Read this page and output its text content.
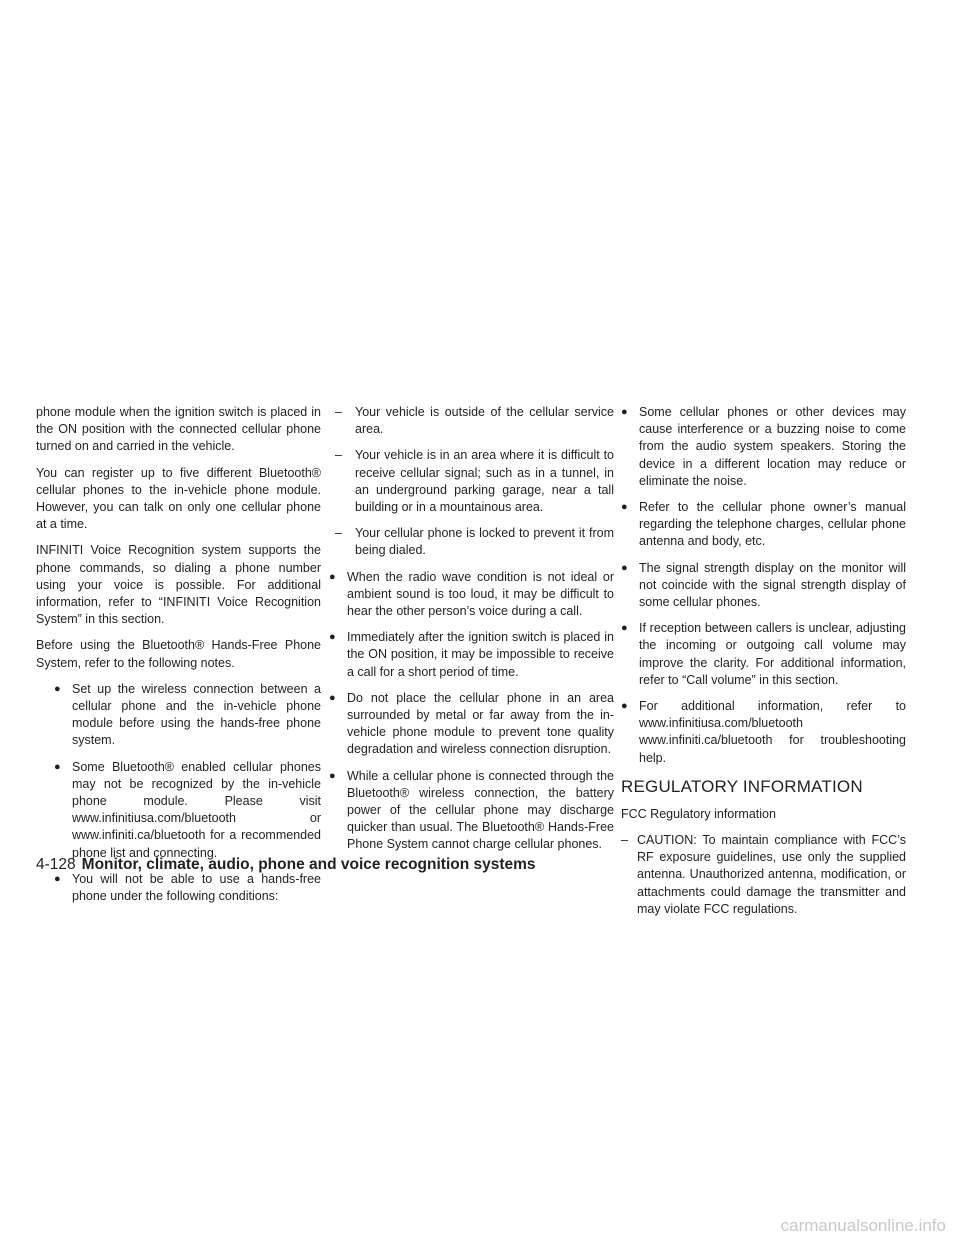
phone module when the ignition switch is placed in the ON position with the connected cellular phone turned on and carried in the vehicle.

You can register up to five different Bluetooth® cellular phones to the in-vehicle phone module. However, you can talk on only one cellular phone at a time.

INFINITI Voice Recognition system supports the phone commands, so dialing a phone number using your voice is possible. For additional information, refer to “INFINITI Voice Recognition System” in this section.

Before using the Bluetooth® Hands-Free Phone System, refer to the following notes.

● Set up the wireless connection between a cellular phone and the in-vehicle phone module before using the hands-free phone system.
● Some Bluetooth® enabled cellular phones may not be recognized by the in-vehicle phone module. Please visit www.infinitiusa.com/bluetooth or www.infiniti.ca/bluetooth for a recommended phone list and connecting.
● You will not be able to use a hands-free phone under the following conditions:
– Your vehicle is outside of the cellular service area.
– Your vehicle is in an area where it is difficult to receive cellular signal; such as in a tunnel, in an underground parking garage, near a tall building or in a mountainous area.
– Your cellular phone is locked to prevent it from being dialed.
● When the radio wave condition is not ideal or ambient sound is too loud, it may be difficult to hear the other person’s voice during a call.
● Immediately after the ignition switch is placed in the ON position, it may be impossible to receive a call for a short period of time.
● Do not place the cellular phone in an area surrounded by metal or far away from the in-vehicle phone module to prevent tone quality degradation and wireless connection disruption.
● While a cellular phone is connected through the Bluetooth® wireless connection, the battery power of the cellular phone may discharge quicker than usual. The Bluetooth® Hands-Free Phone System cannot charge cellular phones.
● Some cellular phones or other devices may cause interference or a buzzing noise to come from the audio system speakers. Storing the device in a different location may reduce or eliminate the noise.
● Refer to the cellular phone owner’s manual regarding the telephone charges, cellular phone antenna and body, etc.
● The signal strength display on the monitor will not coincide with the signal strength display of some cellular phones.
● If reception between callers is unclear, adjusting the incoming or outgoing call volume may improve the clarity. For additional information, refer to “Call volume” in this section.
● For additional information, refer to www.infinitiusa.com/bluetooth www.infiniti.ca/bluetooth for troubleshooting help.
REGULATORY INFORMATION

FCC Regulatory information

– CAUTION: To maintain compliance with FCC’s RF exposure guidelines, use only the supplied antenna. Unauthorized antenna, modification, or attachments could damage the transmitter and may violate FCC regulations.
4-128 Monitor, climate, audio, phone and voice recognition systems
carmanualsonline.info
